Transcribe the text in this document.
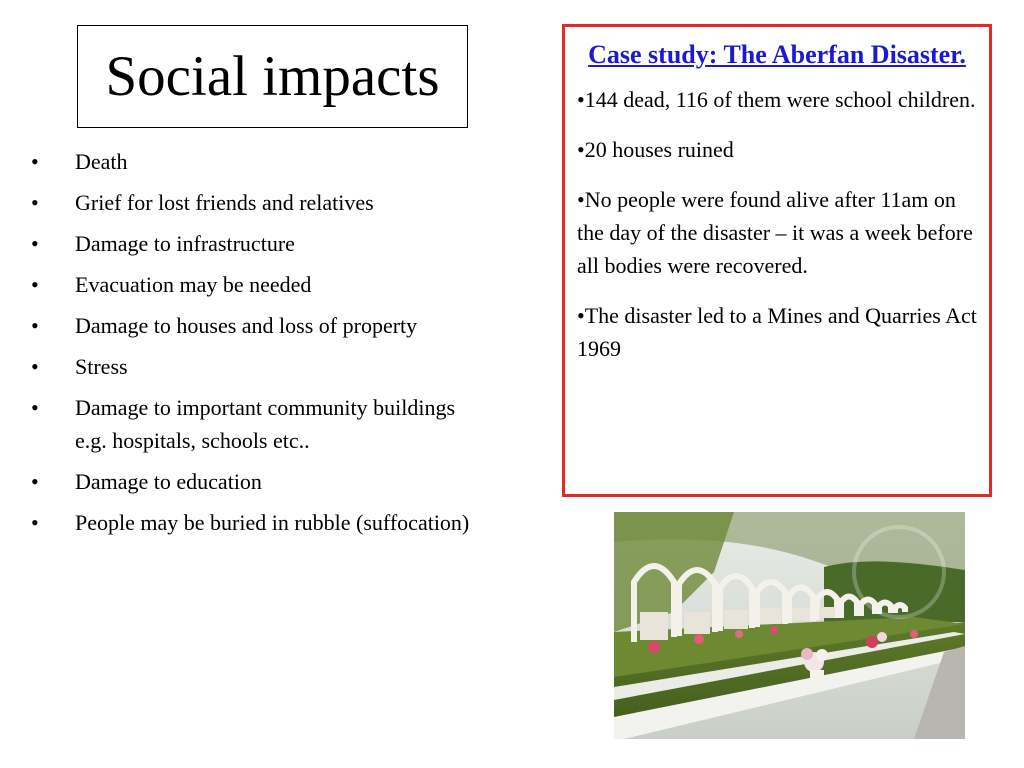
Social impacts
• Death
• Grief for lost friends and relatives
• Damage to infrastructure
• Evacuation may be needed
• Damage to houses and loss of property
• Stress
• Damage to important community buildings e.g. hospitals, schools etc..
• Damage to education
• People may be buried in rubble (suffocation)

Case study: The Aberfan Disaster.

•144 dead, 116 of them were school children.

•20 houses ruined

•No people were found alive after 11am on the day of the disaster – it was a week before all bodies were recovered.

•The disaster led to a Mines and Quarries Act 1969
